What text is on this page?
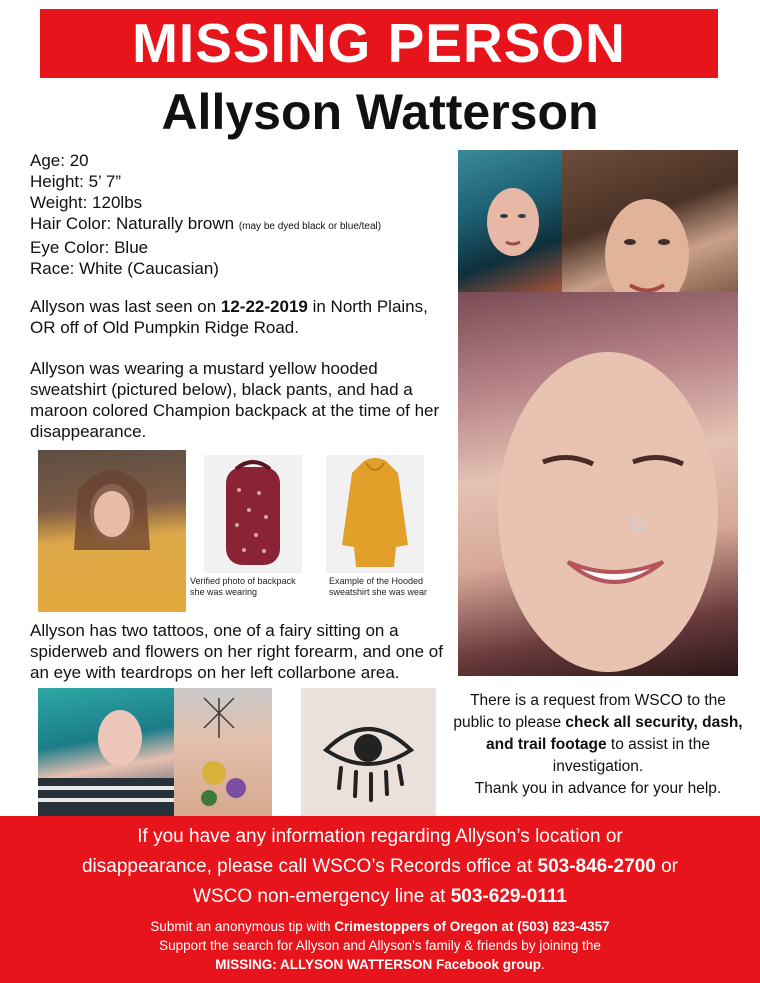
MISSING PERSON
Allyson Watterson
Age: 20
Height: 5’ 7”
Weight: 120lbs
Hair Color: Naturally brown (may be dyed black or blue/teal)
Eye Color: Blue
Race: White (Caucasian)
Allyson was last seen on 12-22-2019 in North Plains, OR off of Old Pumpkin Ridge Road.
Allyson was wearing a mustard yellow hooded sweatshirt (pictured below), black pants, and had a maroon colored Champion backpack at the time of her disappearance.
Verified photo of backpack
she was wearing
Example of the Hooded
sweatshirt she was wear
Allyson has two tattoos, one of a fairy sitting on a spiderweb and flowers on her right forearm, and one of an eye with teardrops on her left collarbone area.
There is a request from WSCO to the public to please check all security, dash, and trail footage to assist in the investigation.
Thank you in advance for your help.
If you have any information regarding Allyson’s location or
disappearance, please call WSCO’s Records office at 503-846-2700 or
WSCO non-emergency line at 503-629-0111
Submit an anonymous tip with Crimestoppers of Oregon at (503) 823-4357
Support the search for Allyson and Allyson’s family & friends by joining the
MISSING: ALLYSON WATTERSON Facebook group.
